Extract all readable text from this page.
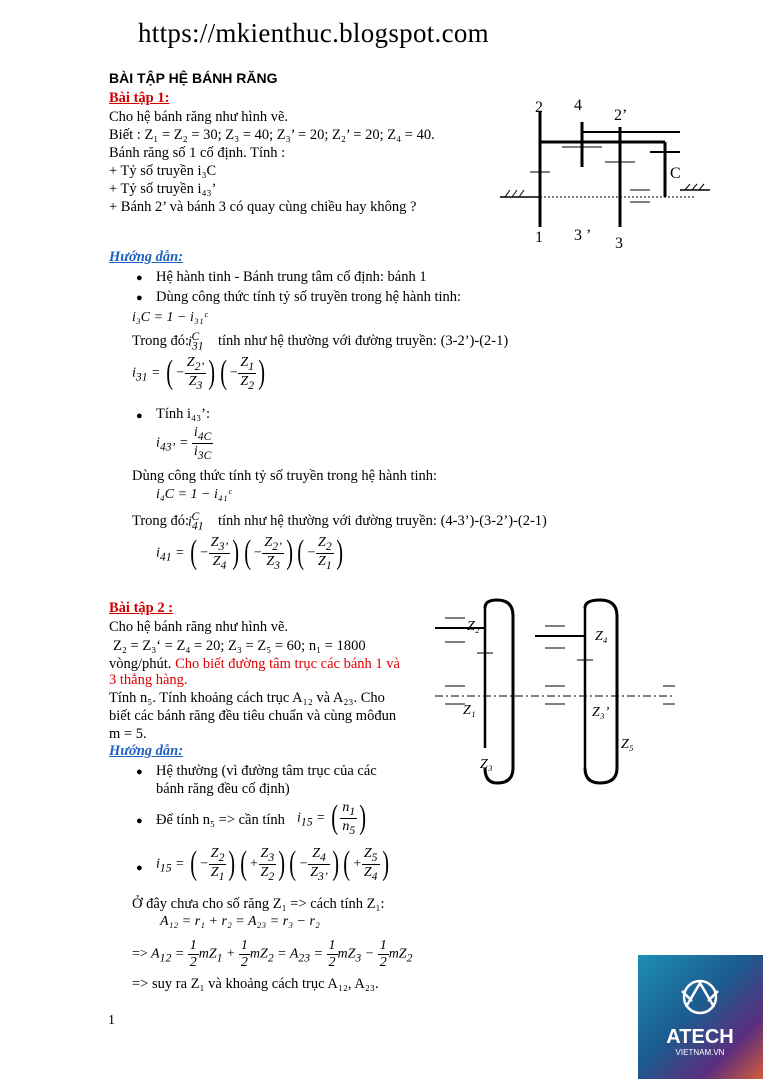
https://mkienthuc.blogspot.com
BÀI TẬP HỆ BÁNH RĂNG
Bài tập 1:
Cho hệ bánh răng như hình vẽ.
Biết : Z₁ = Z₂ = 30; Z₃ = 40; Z₃’ = 20; Z₂’ = 20; Z₄ = 40.
Bánh răng số 1 cố định. Tính :
+ Tỷ số truyền i₃C
+ Tỷ số truyền i₄₃’
+ Bánh 2’ và bánh 3 có quay cùng chiều hay không ?
2 4
2’
C
1 3 ’ 3
Hướng dẫn:
● Hệ hành tinh - Bánh trung tâm cố định: bánh 1
● Dùng công thức tính tỷ số truyền trong hệ hành tinh:
i₃C = 1 − i₃₁ᶜ
Trong đó:
$i_{31}^C$ tính như hệ thường với đường truyền: (3-2’)-(2-1)
$i_{31}$ = ( − $\frac{Z_{2’}}{Z_3}$ ) ( − $\frac{Z_1}{Z_2}$ )
● Tính i₄₃’:
$i_{43’} = \frac{i_{4C}}{i_{3C}}$
Dùng công thức tính tỷ số truyền trong hệ hành tinh:
i₄C = 1 − i₄₁ᶜ
Trong đó:
$i_{41}^C$ tính như hệ thường với đường truyền: (4-3’)-(3-2’)-(2-1)
$i_{41}$ = ( − $\frac{Z_{3’}}{Z_4}$ ) ( − $\frac{Z_{2’}}{Z_3}$ ) ( − $\frac{Z_2}{Z_1}$ )
Bài tập 2 :
Cho hệ bánh răng như hình vẽ.
Z₂ = Z₃‘ = Z₄ = 20; Z₃ = Z₅ = 60; n₁ = 1800
vòng/phút. Cho biết đường tâm trục các bánh 1 và
3 thẳng hàng.
Tính n₅. Tính khoảng cách trục A₁₂ và A₂₃. Cho
biết các bánh răng đều tiêu chuẩn và cùng môđun
m = 5.
Hướng dẫn:
Z₂
Z₄
Z₁	Z₃’
Z₃
Z₅
● Hệ thường (vì đường tâm trục của các
bánh răng đều cố định)
● Để tính n₅ => cần tính $i_{15}$ = ( $\frac{n_1}{n_5}$ )
● $i_{15}$ = ( − $\frac{Z_2}{Z_1}$ ) ( + $\frac{Z_3}{Z_2}$ ) ( − $\frac{Z_4}{Z_{3’}}$ ) ( + $\frac{Z_5}{Z_4}$ )
Ở đây chưa cho số răng Z₁ => cách tính Z₁:
A₁₂ = r₁ + r₂ = A₂₃ = r₃ − r₂
=> $A_{12} = \frac{1}{2} mZ_1 + \frac{1}{2} mZ_2 = A_{23} = \frac{1}{2} mZ_3 - \frac{1}{2} mZ_2$
=> suy ra Z₁ và khoảng cách trục A₁₂, A₂₃.
1
ATECH
VIETNAM.VN
